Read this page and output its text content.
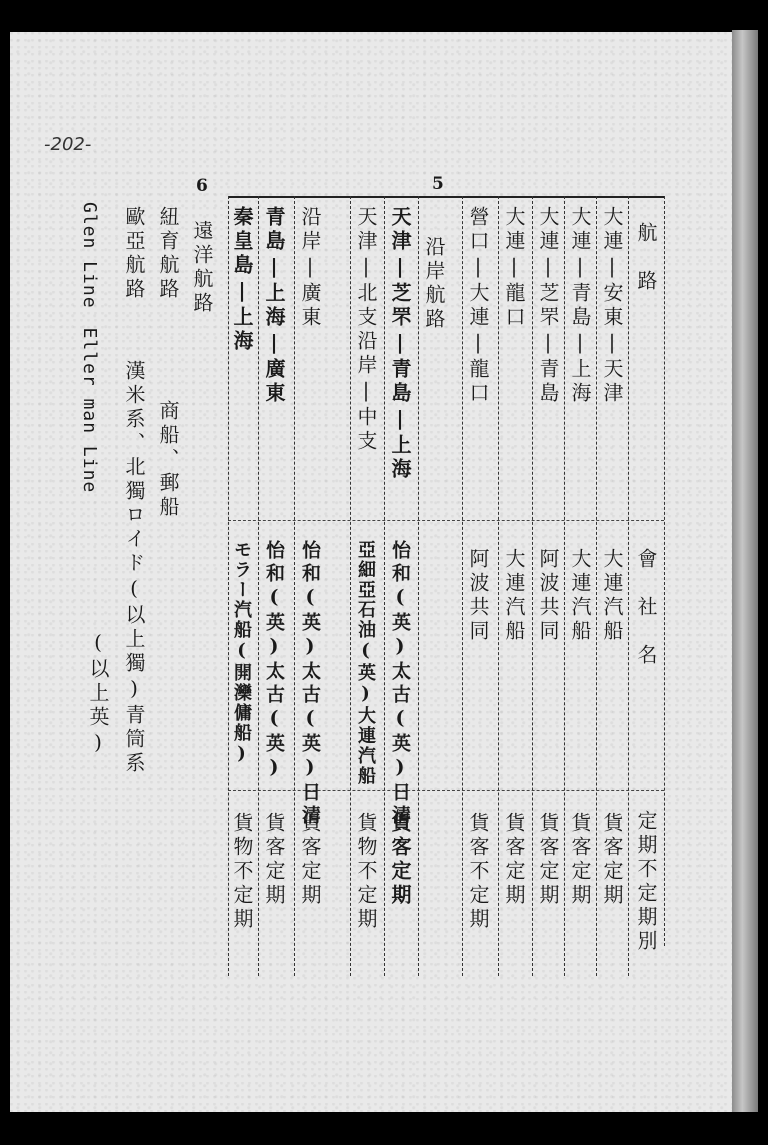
-202-
5
沿岸航路
6
遠洋航路	航　路
會　社　名
定期不定期別
大連|安東|天津
大連汽船
貨客定期
大連|青島|上海
大連汽船
貨客定期
大連|芝罘|青島
阿波共同
貨客定期
大連|龍口
大連汽船
貨客定期
營口|大連|龍口
阿波共同
貨客不定期
天津|芝罘|青島|上海
怡和(英)太古(英)日清
貨客定期
天津|北支沿岸|中支
亞細亞石油(英)大連汽船
貨物不定期
沿岸|廣東
怡和(英)太古(英)日清
貨客定期
青島|上海|廣東
怡和(英)太古(英)
貨客定期
秦皇島|上海
モラー汽船(開灤傭船)
貨物不定期
紐育航路
商船、郵船
歐亞航路
漢米系、北獨ロイド(以上獨)青筒系
(以上英)
Glen Line　Eller man Line
